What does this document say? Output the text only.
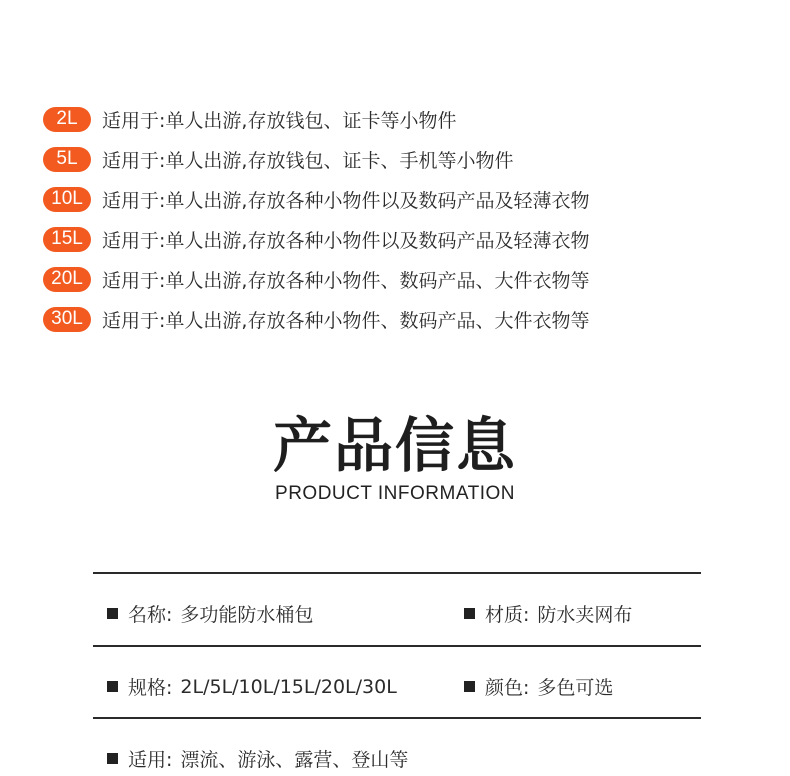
2L	适用于:单人出游,存放钱包、证卡等小物件
5L	适用于:单人出游,存放钱包、证卡、手机等小物件
10L	适用于:单人出游,存放各种小物件以及数码产品及轻薄衣物
15L	适用于:单人出游,存放各种小物件以及数码产品及轻薄衣物
20L	适用于:单人出游,存放各种小物件、数码产品、大件衣物等
30L	适用于:单人出游,存放各种小物件、数码产品、大件衣物等
产品信息
PRODUCT INFORMATION
名称: 多功能防水桶包	材质: 防水夹网布
规格: 2L/5L/10L/15L/20L/30L	颜色: 多色可选
适用: 漂流、游泳、露营、登山等
